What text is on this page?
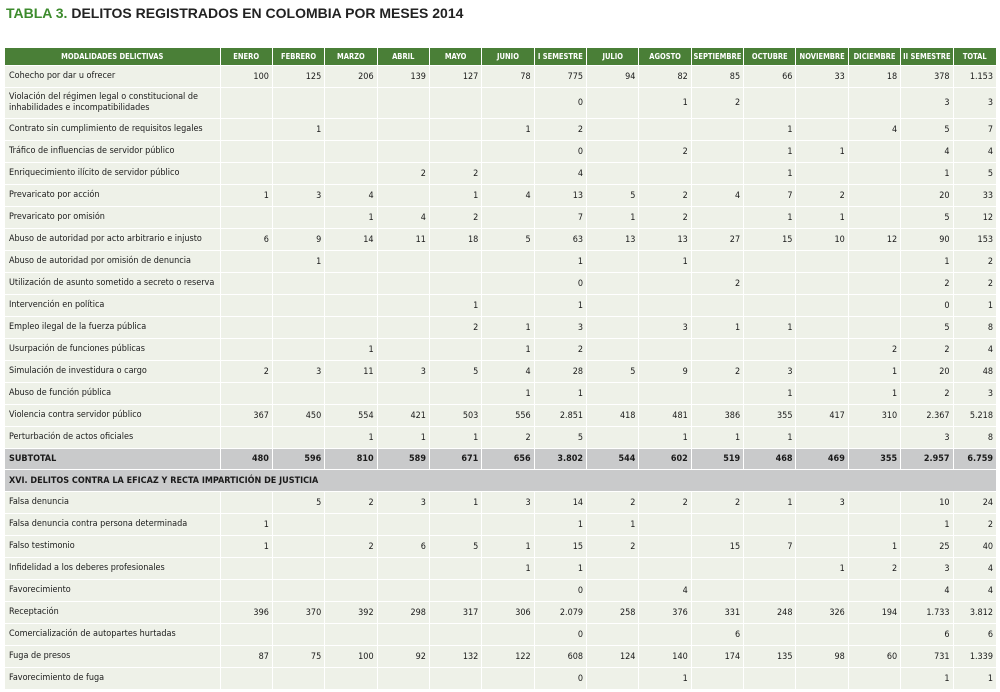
TABLA 3. DELITOS REGISTRADOS EN COLOMBIA POR MESES 2014
MODALIDADES DELICTIVAS	ENERO	FEBRERO	MARZO	ABRIL	MAYO	JUNIO	I SEMESTRE	JULIO	AGOSTO	SEPTIEMBRE	OCTUBRE	NOVIEMBRE	DICIEMBRE	II SEMESTRE	TOTAL
Cohecho por dar u ofrecer	100	125	206	139	127	78	775	94	82	85	66	33	18	378	1.153
Violación del régimen legal o constitucional de inhabilidades e incompatibilidades							0		1	2				3	3
Contrato sin cumplimiento de requisitos legales		1				1	2				1		4	5	7
Tráfico de influencias de servidor público							0		2		1	1		4	4
Enriquecimiento ilícito de servidor público				2	2		4				1			1	5
Prevaricato por acción	1	3	4		1	4	13	5	2	4	7	2		20	33
Prevaricato por omisión			1	4	2		7	1	2		1	1		5	12
Abuso de autoridad por acto arbitrario e injusto	6	9	14	11	18	5	63	13	13	27	15	10	12	90	153
Abuso de autoridad por omisión de denuncia		1					1		1					1	2
Utilización de asunto sometido a secreto o reserva							0			2				2	2
Intervención en política					1		1							0	1
Empleo ilegal de la fuerza pública					2	1	3		3	1	1			5	8
Usurpación de funciones públicas			1			1	2						2	2	4
Simulación de investidura o cargo	2	3	11	3	5	4	28	5	9	2	3		1	20	48
Abuso de función pública						1	1				1		1	2	3
Violencia contra servidor público	367	450	554	421	503	556	2.851	418	481	386	355	417	310	2.367	5.218
Perturbación de actos oficiales			1	1	1	2	5		1	1	1			3	8
SUBTOTAL	480	596	810	589	671	656	3.802	544	602	519	468	469	355	2.957	6.759
XVI. DELITOS CONTRA LA EFICAZ Y RECTA IMPARTICIÓN DE JUSTICIA															
Falsa denuncia		5	2	3	1	3	14	2	2	2	1	3		10	24
Falsa denuncia contra persona determinada	1						1	1						1	2
Falso testimonio	1		2	6	5	1	15	2		15	7		1	25	40
Infidelidad a los deberes profesionales						1	1					1	2	3	4
Favorecimiento							0		4					4	4
Receptación	396	370	392	298	317	306	2.079	258	376	331	248	326	194	1.733	3.812
Comercialización de autopartes hurtadas							0			6				6	6
Fuga de presos	87	75	100	92	132	122	608	124	140	174	135	98	60	731	1.339
Favorecimiento de fuga							0		1					1	1
